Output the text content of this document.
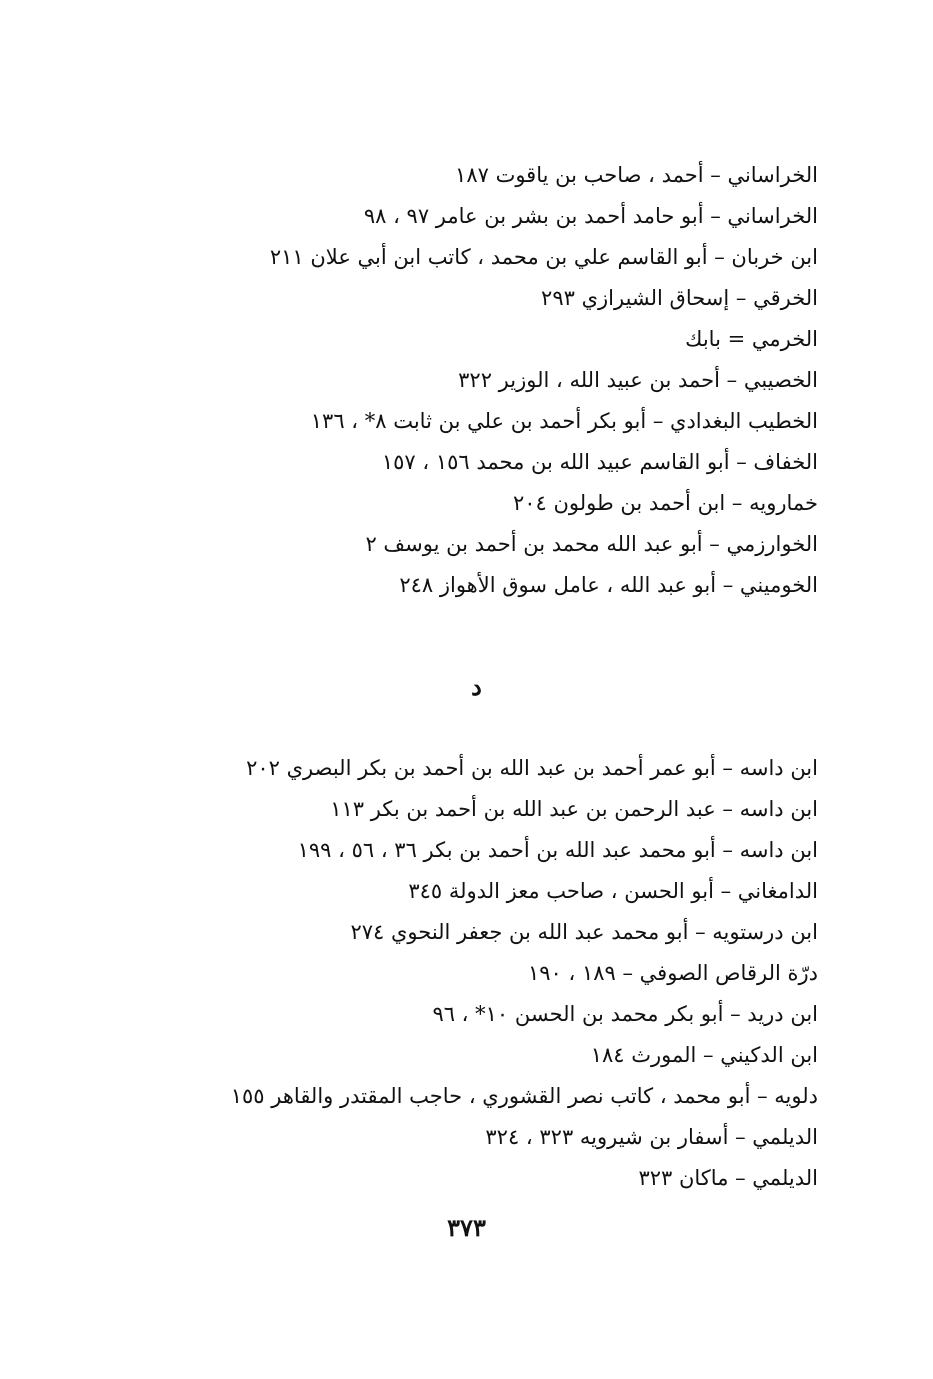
الخراساني – أحمد ، صاحب بن ياقوت ١٨٧
الخراساني – أبو حامد أحمد بن بشر بن عامر ٩٧ ، ٩٨
ابن خربان – أبو القاسم علي بن محمد ، كاتب ابن أبي علان ٢١١
الخرقي – إسحاق الشيرازي ٢٩٣
الخرمي = بابك
الخصيبي – أحمد بن عبيد الله ، الوزير ٣٢٢
الخطيب البغدادي – أبو بكر أحمد بن علي بن ثابت ٨* ، ١٣٦
الخفاف – أبو القاسم عبيد الله بن محمد ١٥٦ ، ١٥٧
خمارويه – ابن أحمد بن طولون ٢٠٤
الخوارزمي – أبو عبد الله محمد بن أحمد بن يوسف ٢
الخوميني – أبو عبد الله ، عامل سوق الأهواز ٢٤٨
د
ابن داسه – أبو عمر أحمد بن عبد الله بن أحمد بن بكر البصري ٢٠٢
ابن داسه – عبد الرحمن بن عبد الله بن أحمد بن بكر ١١٣
ابن داسه – أبو محمد عبد الله بن أحمد بن بكر ٣٦ ، ٥٦ ، ١٩٩
الدامغاني – أبو الحسن ، صاحب معز الدولة ٣٤٥
ابن درستويه – أبو محمد عبد الله بن جعفر النحوي ٢٧٤
درّة الرقاص الصوفي – ١٨٩ ، ١٩٠
ابن دريد – أبو بكر محمد بن الحسن ١٠* ، ٩٦
ابن الدكيني – المورث ١٨٤
دلويه – أبو محمد ، كاتب نصر القشوري ، حاجب المقتدر والقاهر ١٥٥
الديلمي – أسفار بن شيرويه ٣٢٣ ، ٣٢٤
الديلمي – ماكان ٣٢٣
٣٧٣
